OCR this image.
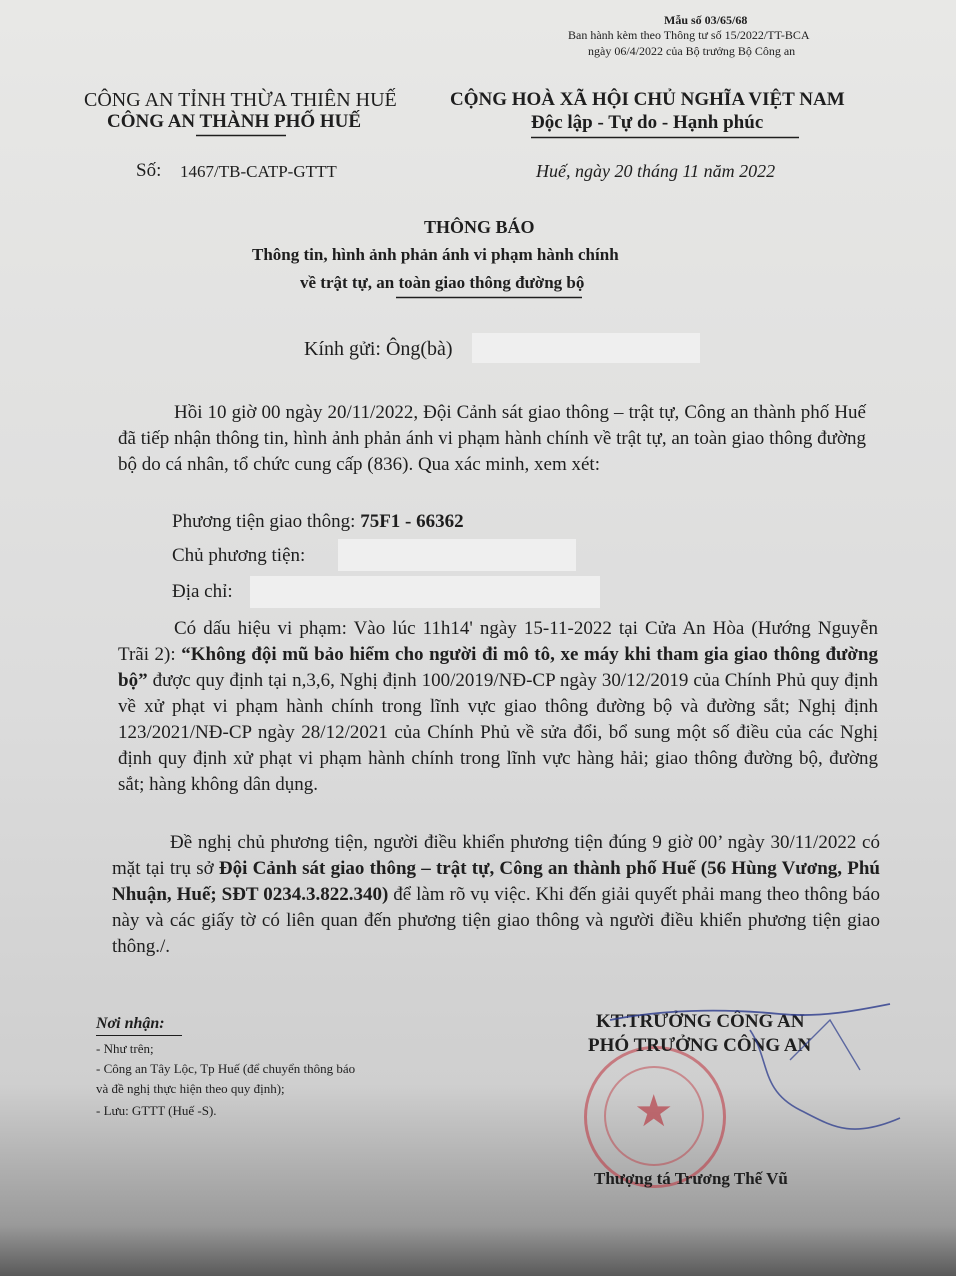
Mẫu số 03/65/68
Ban hành kèm theo Thông tư số 15/2022/TT-BCA
ngày 06/4/2022 của Bộ trưởng Bộ Công an
CÔNG AN TỈNH THỪA THIÊN HUẾ
CÔNG AN THÀNH PHỐ HUẾ
CỘNG HOÀ XÃ HỘI CHỦ NGHĨA VIỆT NAM
Độc lập - Tự do - Hạnh phúc
Số: 1467/TB-CATP-GTTT	Huế, ngày 20 tháng 11 năm 2022
THÔNG BÁO
Thông tin, hình ảnh phản ánh vi phạm hành chính
về trật tự, an toàn giao thông đường bộ
Kính gửi: Ông(bà)
Hồi 10 giờ 00 ngày 20/11/2022, Đội Cảnh sát giao thông – trật tự, Công an thành phố Huế đã tiếp nhận thông tin, hình ảnh phản ánh vi phạm hành chính về trật tự, an toàn giao thông đường bộ do cá nhân, tổ chức cung cấp (836). Qua xác minh, xem xét:
Phương tiện giao thông: 75F1 - 66362
Chủ phương tiện:
Địa chỉ:
Có dấu hiệu vi phạm: Vào lúc 11h14' ngày 15-11-2022 tại Cửa An Hòa (Hướng Nguyễn Trãi 2): “Không đội mũ bảo hiểm cho người đi mô tô, xe máy khi tham gia giao thông đường bộ” được quy định tại n,3,6, Nghị định 100/2019/NĐ-CP ngày 30/12/2019 của Chính Phủ quy định về xử phạt vi phạm hành chính trong lĩnh vực giao thông đường bộ và đường sắt; Nghị định 123/2021/NĐ-CP ngày 28/12/2021 của Chính Phủ về sửa đổi, bổ sung một số điều của các Nghị định quy định xử phạt vi phạm hành chính trong lĩnh vực hàng hải; giao thông đường bộ, đường sắt; hàng không dân dụng.
Đề nghị chủ phương tiện, người điều khiển phương tiện đúng 9 giờ 00’ ngày 30/11/2022 có mặt tại trụ sở Đội Cảnh sát giao thông – trật tự, Công an thành phố Huế (56 Hùng Vương, Phú Nhuận, Huế; SĐT 0234.3.822.340) để làm rõ vụ việc. Khi đến giải quyết phải mang theo thông báo này và các giấy tờ có liên quan đến phương tiện giao thông và người điều khiển phương tiện giao thông./.
Nơi nhận:
- Như trên;
- Công an Tây Lộc, Tp Huế (để chuyển thông báo
và đề nghị thực hiện theo quy định);
- Lưu: GTTT (Huế -S).	★
KT.TRƯỞNG CÔNG AN
PHÓ TRƯỞNG CÔNG AN
Thượng tá Trương Thế Vũ
